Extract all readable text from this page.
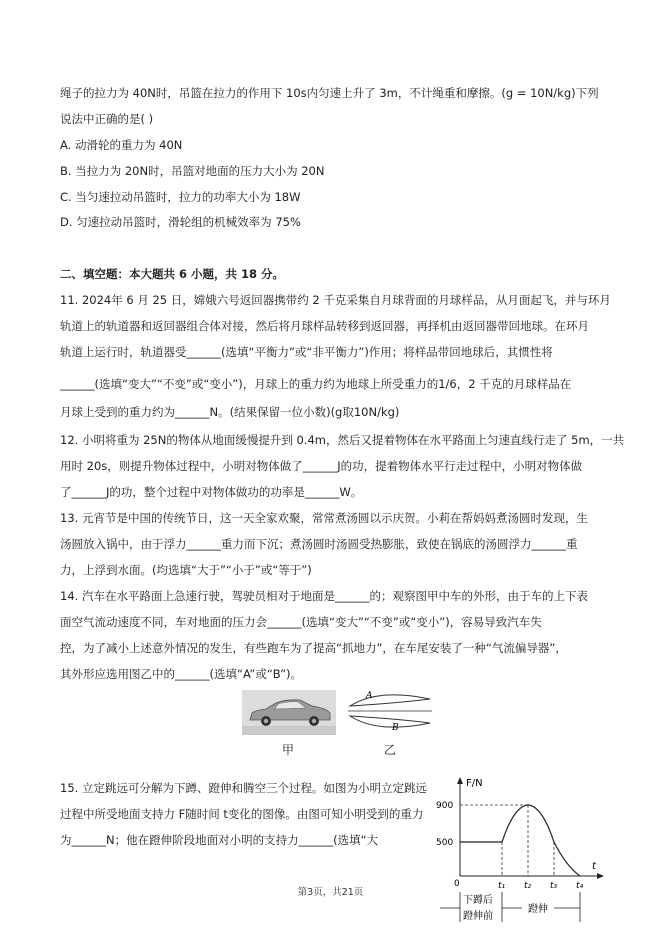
绳子的拉力为 40N时，吊篮在拉力的作用下 10s内匀速上升了 3m，不计绳重和摩擦。(g = 10N/kg)下列
说法中正确的是( )
A. 动滑轮的重力为 40N
B. 当拉力为 20N时，吊篮对地面的压力大小为 20N
C. 当匀速拉动吊篮时，拉力的功率大小为 18W
D. 匀速拉动吊篮时，滑轮组的机械效率为 75%
二、填空题：本大题共 6 小题，共 18 分。
11. 2024年 6 月 25 日，嫦娥六号返回器携带约 2 千克采集自月球背面的月球样品，从月面起飞，并与环月
轨道上的轨道器和返回器组合体对接，然后将月球样品转移到返回器，再择机由返回器带回地球。在环月
轨道上运行时，轨道器受______(选填“平衡力”或“非平衡力”)作用；将样品带回地球后，其惯性将
______(选填“变大”“不变”或“变小”)，月球上的重力约为地球上所受重力的1/6，2 千克的月球样品在
月球上受到的重力约为______N。(结果保留一位小数)(g取10N/kg)
12. 小明将重为 25N的物体从地面缓慢提升到 0.4m，然后又提着物体在水平路面上匀速直线行走了 5m，一共
用时 20s，则提升物体过程中，小明对物体做了______J的功，提着物体水平行走过程中，小明对物体做
了______J的功，整个过程中对物体做功的功率是______W。
13. 元宵节是中国的传统节日，这一天全家欢聚，常常煮汤圆以示庆贺。小莉在帮妈妈煮汤圆时发现，生
汤圆放入锅中，由于浮力______重力而下沉；煮汤圆时汤圆受热膨胀，致使在锅底的汤圆浮力______重
力，上浮到水面。(均选填“大于”“小于”或“等于”)
14. 汽车在水平路面上急速行驶，驾驶员相对于地面是______的；观察图甲中车的外形，由于车的上下表
面空气流动速度不同，车对地面的压力会______(选填“变大”“不变”或“变小”)，容易导致汽车失
控，为了减小上述意外情况的发生，有些跑车为了提高“抓地力”，在车尾安装了一种“气流偏导器”，
其外形应选用图乙中的______(选填“A”或“B”)。
15. 立定跳远可分解为下蹲、蹬伸和腾空三个过程。如图为小明立定跳远
过程中所受地面支持力 F随时间 t变化的图像。由图可知小明受到的重力
为______N；他在蹬伸阶段地面对小明的支持力______(选填“大
A
B
甲	乙
F/N
t
900
500
0	t₁ t₂ t₃ t₄
下蹲后
蹬伸前
蹬伸
第3页，共21页
